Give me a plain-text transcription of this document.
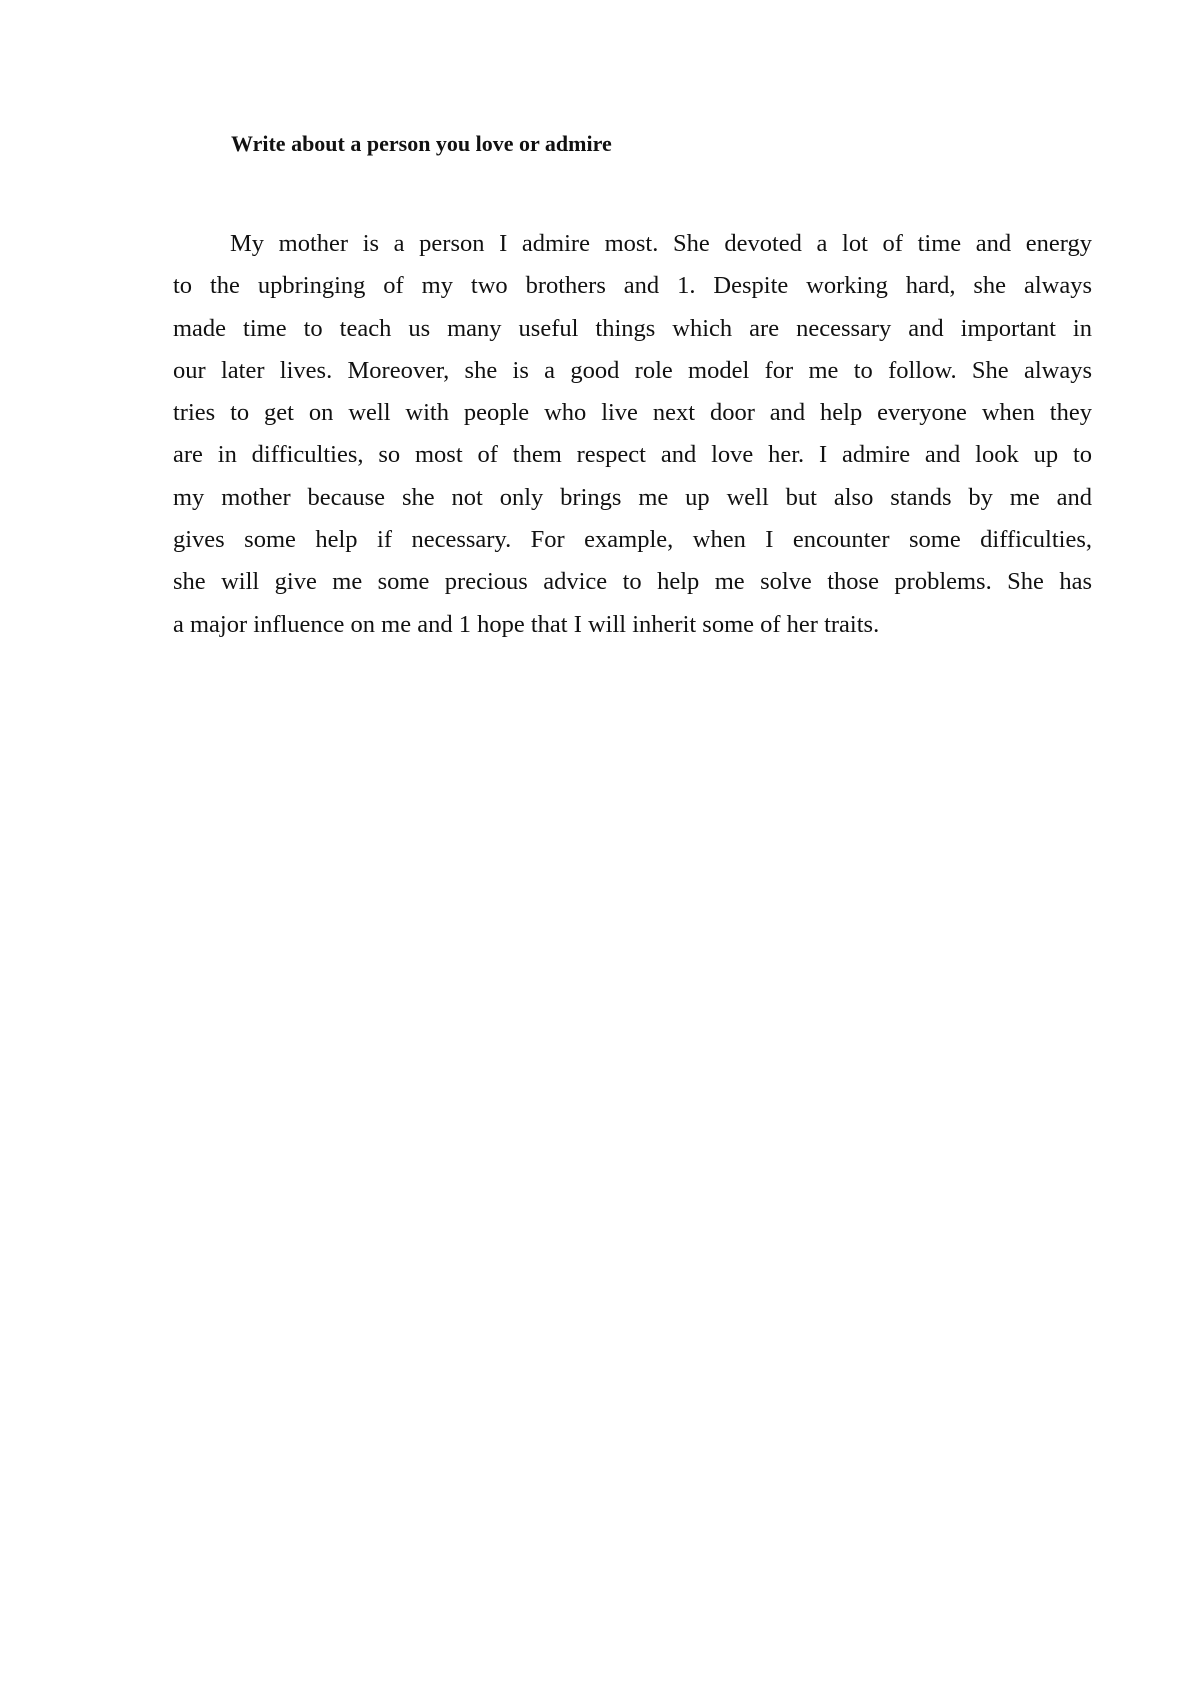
Write about a person you love or admire
My mother is a person I admire most. She devoted a lot of time and energy
to the upbringing of my two brothers and 1. Despite working hard, she always
made time to teach us many useful things which are necessary and important in
our later lives. Moreover, she is a good role model for me to follow. She always
tries to get on well with people who live next door and help everyone when they
are in difficulties, so most of them respect and love her. I admire and look up to
my mother because she not only brings me up well but also stands by me and
gives some help if necessary. For example, when I encounter some difficulties,
she will give me some precious advice to help me solve those problems. She has
a major influence on me and 1 hope that I will inherit some of her traits.
